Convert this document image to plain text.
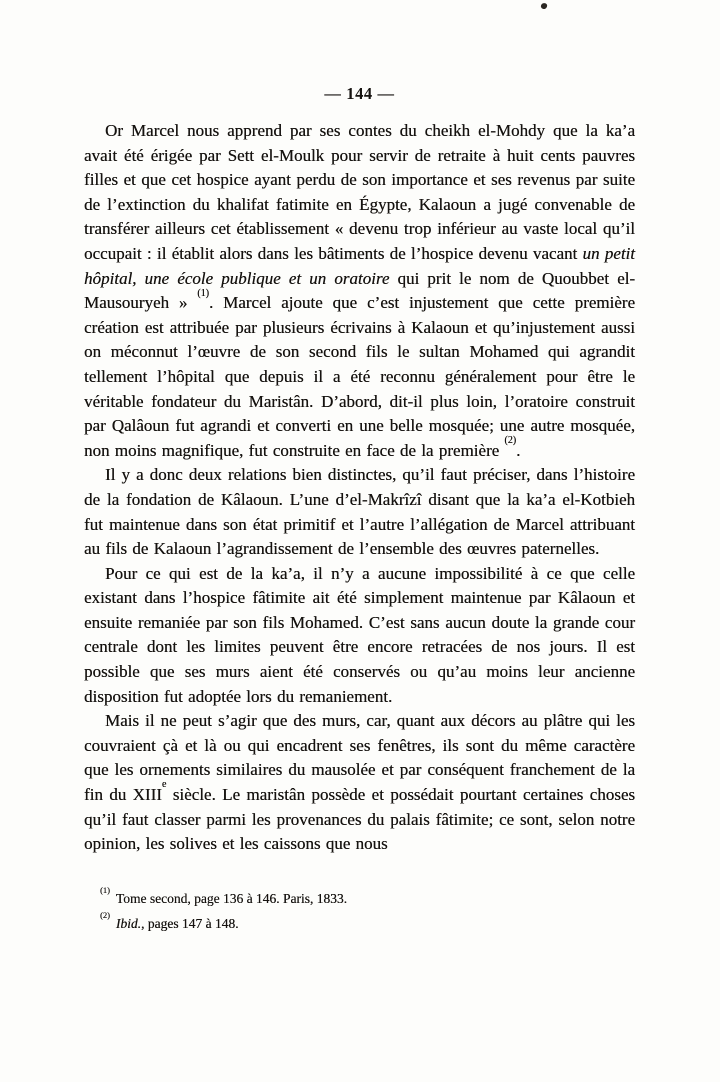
— 144 —

Or Marcel nous apprend par ses contes du cheikh el-Mohdy que la ka’a avait été érigée par Sett el-Moulk pour servir de retraite à huit cents pauvres filles et que cet hospice ayant perdu de son importance et ses revenus par suite de l’extinction du khalifat fatimite en Égypte, Kalaoun a jugé convenable de transférer ailleurs cet établissement « devenu trop inférieur au vaste local qu’il occupait : il établit alors dans les bâtiments de l’hospice devenu vacant un petit hôpital, une école publique et un oratoire qui prit le nom de Quoubbet el-Mausouryeh » $^{(1)}$. Marcel ajoute que c’est injustement que cette première création est attribuée par plusieurs écrivains à Kalaoun et qu’injustement aussi on méconnut l’œuvre de son second fils le sultan Mohamed qui agrandit tellement l’hôpital que depuis il a été reconnu généralement pour être le véritable fondateur du Maristân. D’abord, dit-il plus loin, l’oratoire construit par Qalâoun fut agrandi et converti en une belle mosquée; une autre mosquée, non moins magnifique, fut construite en face de la première $^{(2)}$.

Il y a donc deux relations bien distinctes, qu’il faut préciser, dans l’histoire de la fondation de Kâlaoun. L’une d’el-Makrîzî disant que la ka’a el-Kotbieh fut maintenue dans son état primitif et l’autre l’allégation de Marcel attribuant au fils de Kalaoun l’agrandissement de l’ensemble des œuvres paternelles.

Pour ce qui est de la ka’a, il n’y a aucune impossibilité à ce que celle existant dans l’hospice fâtimite ait été simplement maintenue par Kâlaoun et ensuite remaniée par son fils Mohamed. C’est sans aucun doute la grande cour centrale dont les limites peuvent être encore retracées de nos jours. Il est possible que ses murs aient été conservés ou qu’au moins leur ancienne disposition fut adoptée lors du remaniement.

Mais il ne peut s’agir que des murs, car, quant aux décors au plâtre qui les couvraient çà et là ou qui encadrent ses fenêtres, ils sont du même caractère que les ornements similaires du mausolée et par conséquent franchement de la fin du XIIIe siècle. Le maristân possède et possédait pourtant certaines choses qu’il faut classer parmi les provenances du palais fâtimite; ce sont, selon notre opinion, les solives et les caissons que nous

$^{(1)}$Tome second, page 136 à 146. Paris, 1833.

$^{(2)}$Ibid., pages 147 à 148.
